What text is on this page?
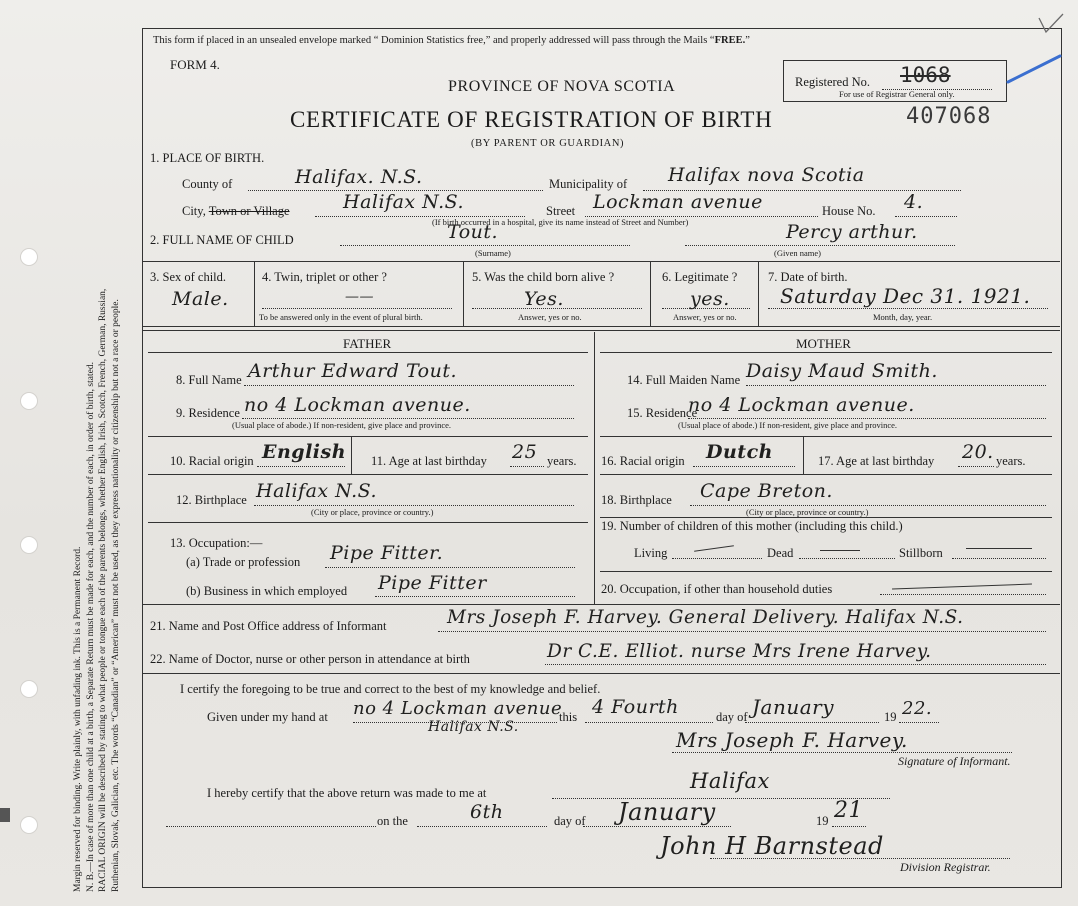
Margin reserved for binding. Write plainly, with unfading ink. This is a Permanent Record. N. B.—In case of more than one child at a birth, a Separate Return must be made for each, and the number of each, in order of birth, stated. RACIAL ORIGIN will be described by stating to what people or tongue each of the parents belongs, whether English, Irish, Scotch, French, German, Russian, Ruthenian, Slovak, Galician, etc. The words “Canadian” or “American” must not be used, as they express nationality or citizenship but not a race or people.
This form if placed in an unsealed envelope marked “ Dominion Statistics free,” and properly addressed will pass through the Mails “FREE.”
FORM 4.
PROVINCE OF NOVA SCOTIA
CERTIFICATE OF REGISTRATION OF BIRTH
(BY PARENT OR GUARDIAN)
Registered No. 1068
For use of Registrar General only.
407068
1. PLACE OF BIRTH.
County of	Halifax. N.S.	Municipality of Halifax nova Scotia
City, Town or Village	Halifax N.S.	Street Lockman avenue	House No. 4.
(If birth occurred in a hospital, give its name instead of Street and Number)
2. FULL NAME OF CHILD	Tout.
(Surname)
Percy arthur.
(Given name)
3. Sex of child.
Male.
4. Twin, triplet or other ?
——
To be answered only in the event of plural birth.
5. Was the child born alive ?
Yes.
Answer, yes or no.
6. Legitimate ?
yes.
Answer, yes or no.
7. Date of birth.
Saturday Dec 31. 1921.
Month, day, year.
FATHER	MOTHER
8. Full Name Arthur Edward Tout.
9. Residence no 4 Lockman avenue.
(Usual place of abode.) If non-resident, give place and province.
10. Racial origin English 11. Age at last birthday 25 years.
12. Birthplace Halifax N.S.
(City or place, province or country.)
13. Occupation:—
(a) Trade or profession Pipe Fitter.
(b) Business in which employed Pipe Fitter
14. Full Maiden Name Daisy Maud Smith.
15. Residence
no 4 Lockman avenue.
(Usual place of abode.) If non-resident, give place and province.
16. Racial origin Dutch	17. Age at last birthday 20. years.
18. Birthplace Cape Breton.
(City or place, province or country.)
19. Number of children of this mother (including this child.)
Living	Dead	Stillborn
20. Occupation, if other than household duties
21. Name and Post Office address of Informant	Mrs Joseph F. Harvey. General Delivery. Halifax N.S.
22. Name of Doctor, nurse or other person in attendance at birth	Dr C.E. Elliot. nurse Mrs Irene Harvey.
I certify the foregoing to be true and correct to the best of my knowledge and belief.
Given under my hand at no 4 Lockman avenue
Halifax N.S.
this 4 Fourth	day of January	19 22.
Mrs Joseph F. Harvey.
Signature of Informant.
I hereby certify that the above return was made to me at	Halifax
on the	6th	day of January	19 21
John H Barnstead
Division Registrar.
